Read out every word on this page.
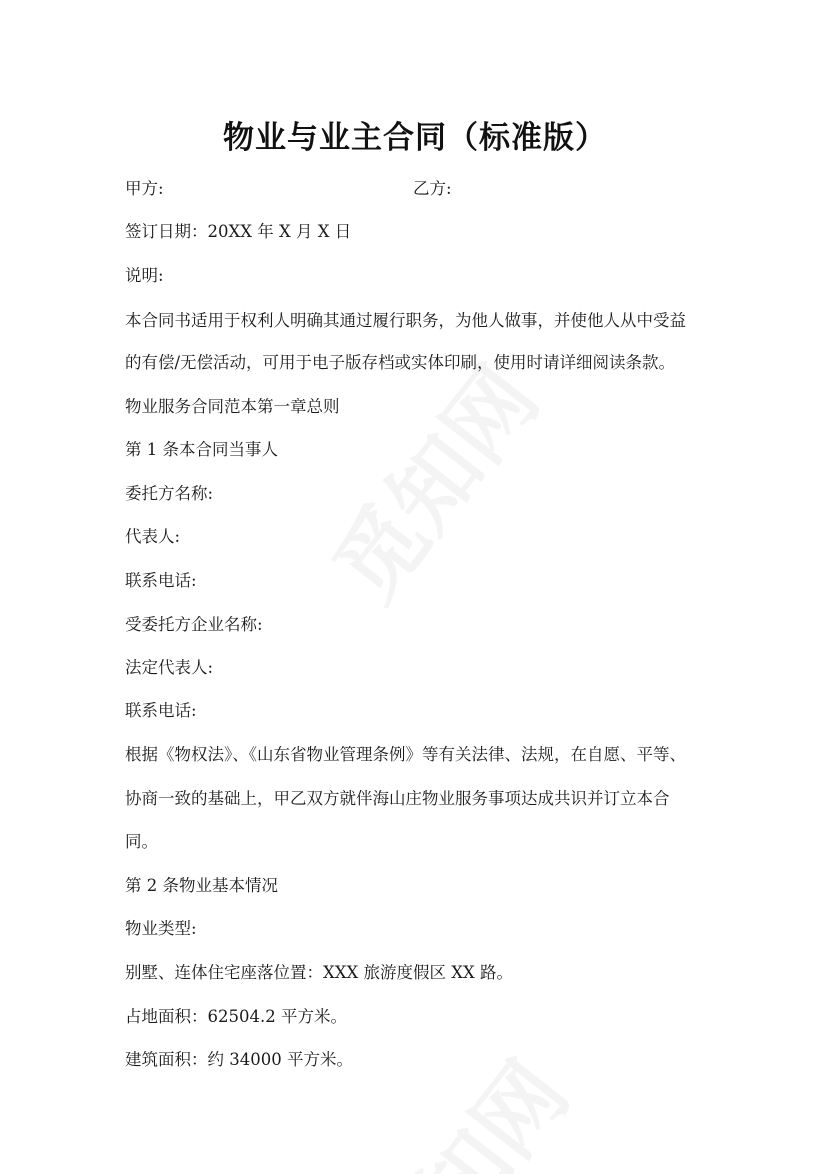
物业与业主合同（标准版）
甲方:	乙方:
签订日期：20XX 年 X 月 X 日
说明:
本合同书适用于权利人明确其通过履行职务，为他人做事，并使他人从中受益
的有偿/无偿活动，可用于电子版存档或实体印刷，使用时请详细阅读条款。
物业服务合同范本第一章总则
第 1 条本合同当事人
委托方名称:
代表人:
联系电话:
受委托方企业名称:
法定代表人:
联系电话:
根据《物权法》、《山东省物业管理条例》等有关法律、法规，在自愿、平等、
协商一致的基础上，甲乙双方就伴海山庄物业服务事项达成共识并订立本合
同。
第 2 条物业基本情况
物业类型:
别墅、连体住宅座落位置：XXX 旅游度假区 XX 路。
占地面积：62504.2 平方米。
建筑面积：约 34000 平方米。
